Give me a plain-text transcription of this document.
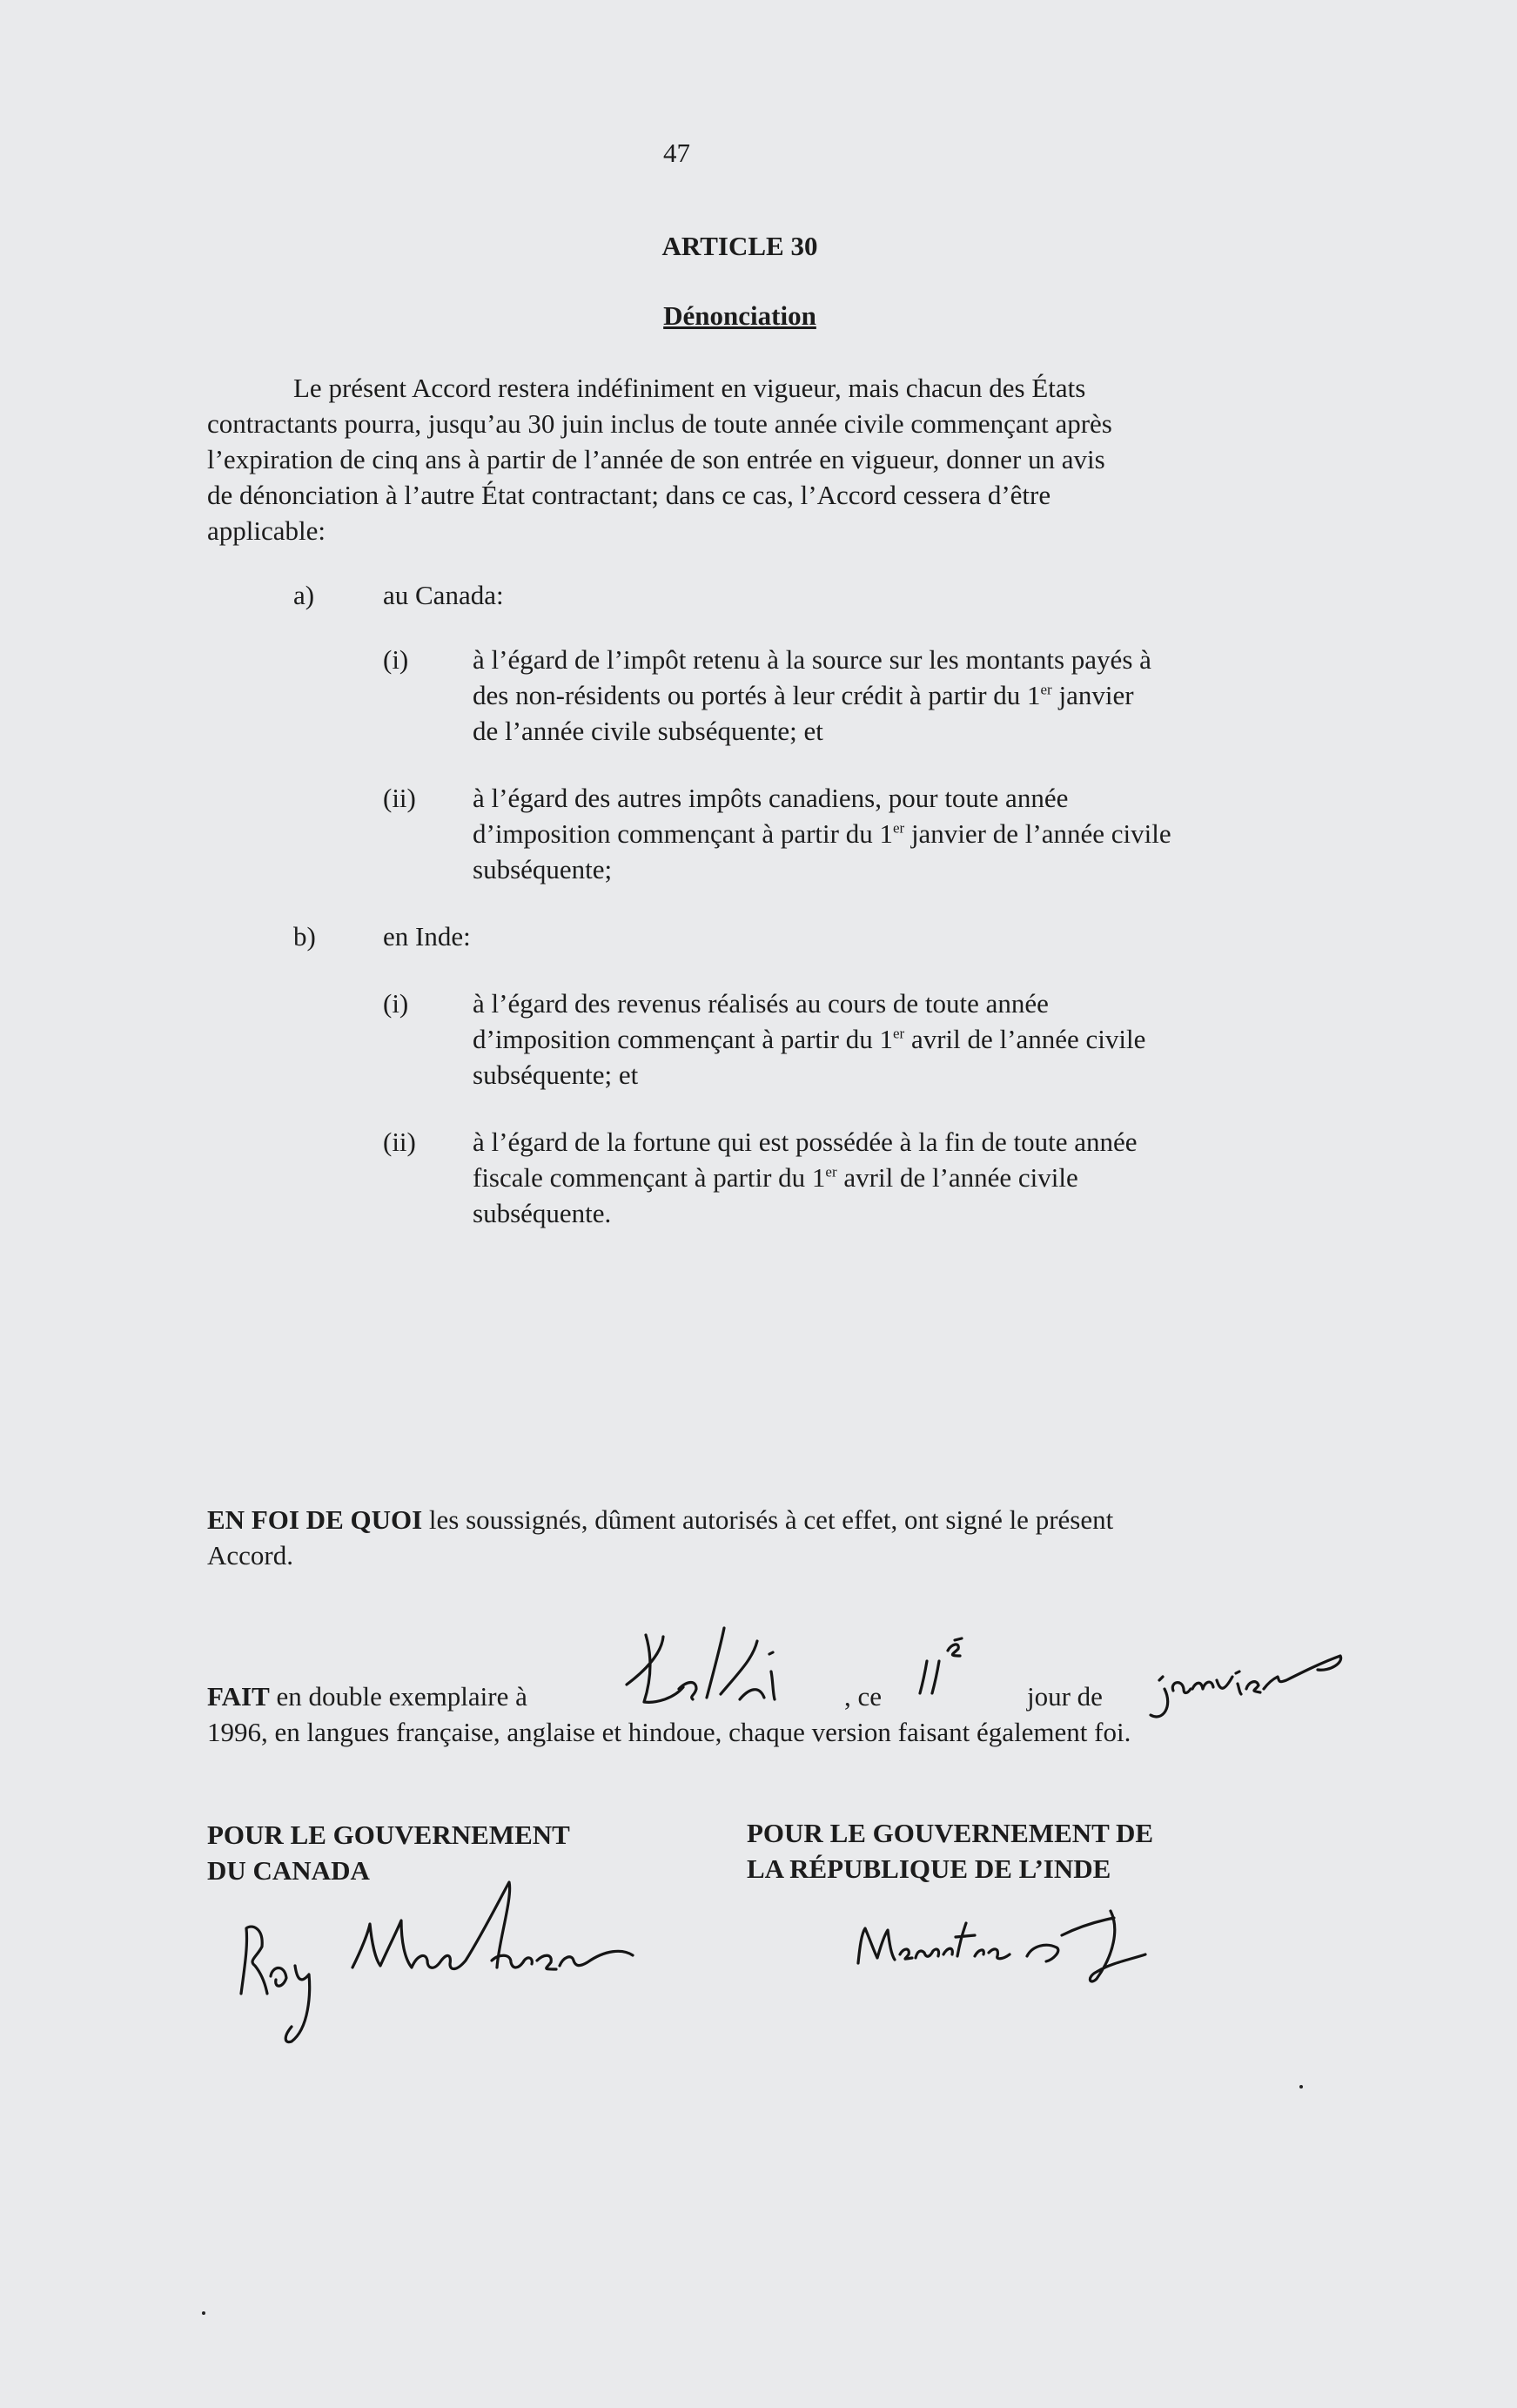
47
ARTICLE 30
Dénonciation
Le présent Accord restera indéfiniment en vigueur, mais chacun des États
contractants pourra, jusqu’au 30 juin inclus de toute année civile commençant après
l’expiration de cinq ans à partir de l’année de son entrée en vigueur, donner un avis
de dénonciation à l’autre État contractant; dans ce cas, l’Accord cessera d’être
applicable:
a)	au Canada:
(i) à l’égard de l’impôt retenu à la source sur les montants payés à
des non-résidents ou portés à leur crédit à partir du 1er janvier
de l’année civile subséquente; et
(ii) à l’égard des autres impôts canadiens, pour toute année
d’imposition commençant à partir du 1er janvier de l’année civile
subséquente;
b) en Inde:
(i) à l’égard des revenus réalisés au cours de toute année
d’imposition commençant à partir du 1er avril de l’année civile
subséquente; et
(ii) à l’égard de la fortune qui est possédée à la fin de toute année
fiscale commençant à partir du 1er avril de l’année civile
subséquente.
EN FOI DE QUOI les soussignés, dûment autorisés à cet effet, ont signé le présent
Accord.
FAIT en double exemplaire à	, ce	jour de
1996, en langues française, anglaise et hindoue, chaque version faisant également foi.
POUR LE GOUVERNEMENT
DU CANADA
POUR LE GOUVERNEMENT DE
LA RÉPUBLIQUE DE L’INDE
